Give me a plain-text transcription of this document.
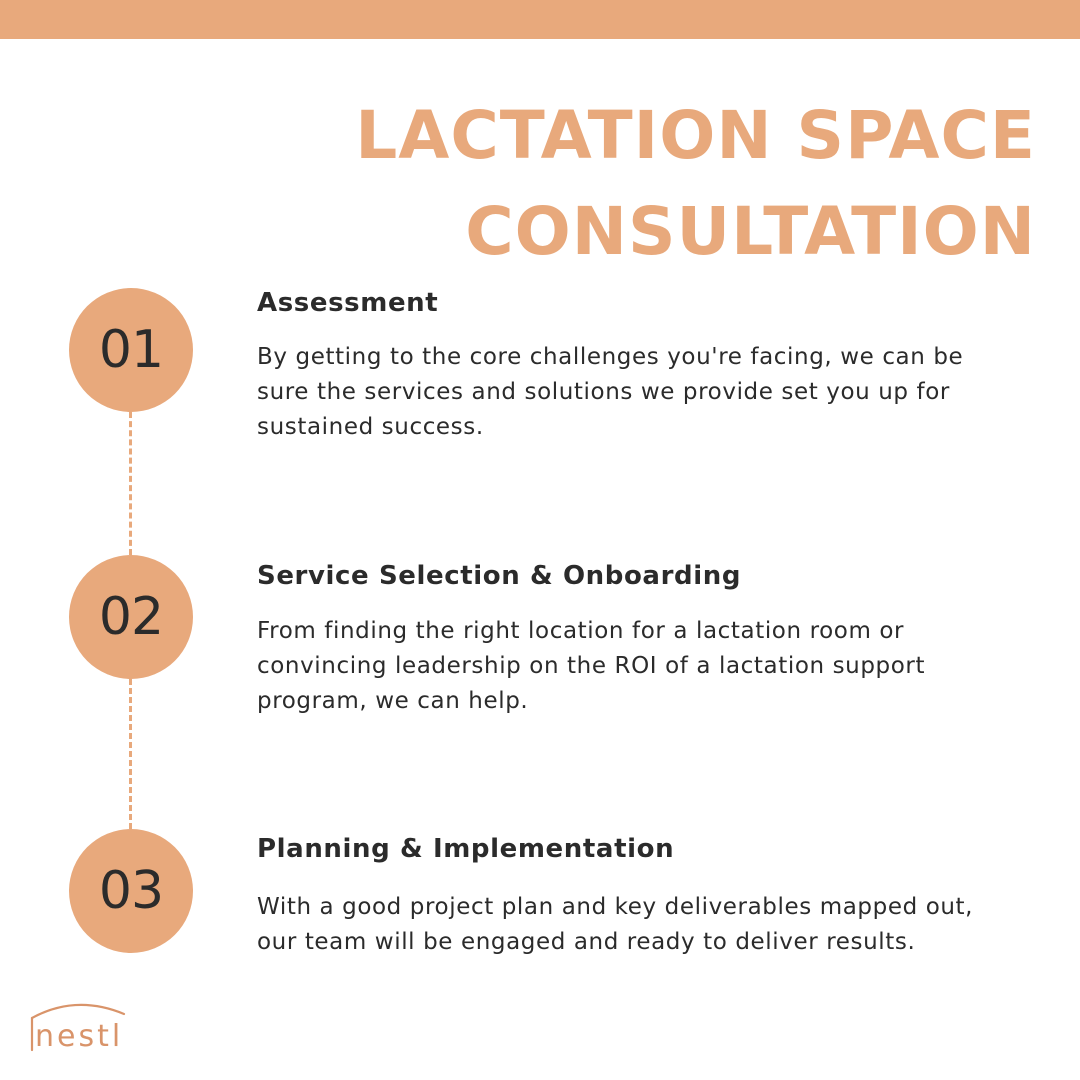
LACTATION SPACE
CONSULTATION
01
Assessment

By getting to the core challenges you're facing, we can be
sure the services and solutions we provide set you up for
sustained success.

02
Service Selection & Onboarding

From finding the right location for a lactation room or
convincing leadership on the ROI of a lactation support
program, we can help.

03
Planning & Implementation

With a good project plan and key deliverables mapped out,
our team will be engaged and ready to deliver results.

nestl
